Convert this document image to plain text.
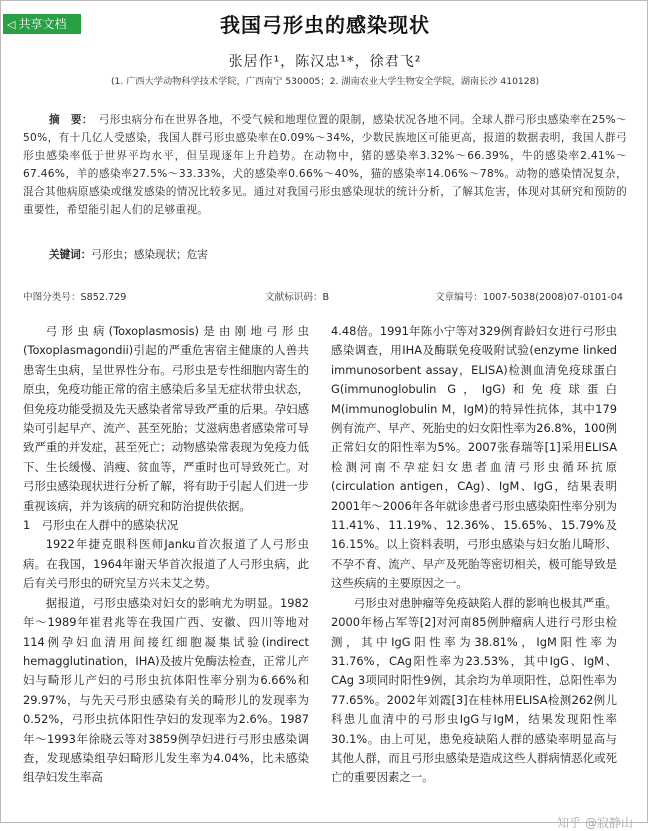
◁ 共享文档	我国弓形虫的感染现状
张居作¹，陈汉忠¹*，徐君飞²
(1. 广西大学动物科学技术学院，广西南宁 530005；2. 湖南农业大学生物安全学院，湖南长沙 410128)
摘　要： 弓形虫病分布在世界各地，不受气候和地理位置的限制，感染状况各地不同。全球人群弓形虫感染率在25%～50%，有十几亿人受感染，我国人群弓形虫感染率在0.09%～34%，少数民族地区可能更高，报道的数据表明，我国人群弓形虫感染率低于世界平均水平，但呈现逐年上升趋势。在动物中，猪的感染率3.32%～66.39%，牛的感染率2.41%～67.46%，羊的感染率27.5%～33.33%，犬的感染率0.66%～40%，猫的感染率14.06%～78%。动物的感染情况复杂，混合其他病原感染或继发感染的情况比较多见。通过对我国弓形虫感染现状的统计分析，了解其危害，体现对其研究和预防的重要性，希望能引起人们的足够重视。
关键词：弓形虫；感染现状；危害
中图分类号：S852.729	文献标识码：B	文章编号：1007-5038(2008)07-0101-04

弓形虫病(Toxoplasmosis)是由刚地弓形虫(Toxoplasmagondii)引起的严重危害宿主健康的人兽共患寄生虫病，呈世界性分布。弓形虫是专性细胞内寄生的原虫，免疫功能正常的宿主感染后多呈无症状带虫状态，但免疫功能受损及先天感染者常导致严重的后果。孕妇感染可引起早产、流产、甚至死胎；艾滋病患者感染常可导致严重的并发症，甚至死亡；动物感染常表现为免疫力低下、生长缓慢、消瘦、贫血等，严重时也可导致死亡。对弓形虫感染现状进行分析了解，将有助于引起人们进一步重视该病，并为该病的研究和防治提供依据。

1　弓形虫在人群中的感染状况

1922年捷克眼科医师Janku首次报道了人弓形虫病。在我国，1964年谢天华首次报道了人弓形虫病，此后有关弓形虫的研究呈方兴未艾之势。

据报道，弓形虫感染对妇女的影响尤为明显。1982年～1989年崔君兆等在我国广西、安徽、四川等地对114例孕妇血清用间接红细胞凝集试验(indirect hemagglutination，IHA)及披片免酶法检查，正常儿产妇与畸形儿产妇的弓形虫抗体阳性率分别为6.66%和29.97%，与先天弓形虫感染有关的畸形儿的发现率为0.52%，弓形虫抗体阳性孕妇的发现率为2.6%。1987年～1993年徐晓云等对3859例孕妇进行弓形虫感染调查，发现感染组孕妇畸形儿发生率为4.04%，比未感染组孕妇发生率高

4.48倍。1991年陈小宁等对329例育龄妇女进行弓形虫感染调查，用IHA及酶联免疫吸附试验(enzyme linked immunosorbent assay，ELISA)检测血清免疫球蛋白G(immunoglobulin G，IgG)和免疫球蛋白M(immunoglobulin M，IgM)的特异性抗体，其中179例有流产、早产、死胎史的妇女阳性率为26.8%，100例正常妇女的阳性率为5%。2007张春瑞等[1]采用ELISA检测河南不孕症妇女患者血清弓形虫循环抗原(circulation antigen，CAg)、IgM、IgG，结果表明2001年～2006年各年就诊患者弓形虫感染阳性率分别为11.41%、11.19%、12.36%、15.65%、15.79%及16.15%。以上资料表明，弓形虫感染与妇女胎儿畸形、不孕不育、流产、早产及死胎等密切相关，极可能导致是这些疾病的主要原因之一。

弓形虫对患肿瘤等免疫缺陷人群的影响也极其严重。2000年杨占军等[2]对河南85例肿瘤病人进行弓形虫检测，其中IgG阳性率为38.81%，IgM阳性率为31.76%，CAg阳性率为23.53%，其中IgG、IgM、CAg 3项同时阳性9例，其余均为单项阳性，总阳性率为77.65%。2002年刘霞[3]在桂林用ELISA检测262例儿科患儿血清中的弓形虫IgG与IgM，结果发现阳性率30.1%。由上可见，患免疫缺陷人群的感染率明显高与其他人群，而且弓形虫感染是造成这些人群病情恶化或死亡的重要因素之一。

知乎 @寂静山
